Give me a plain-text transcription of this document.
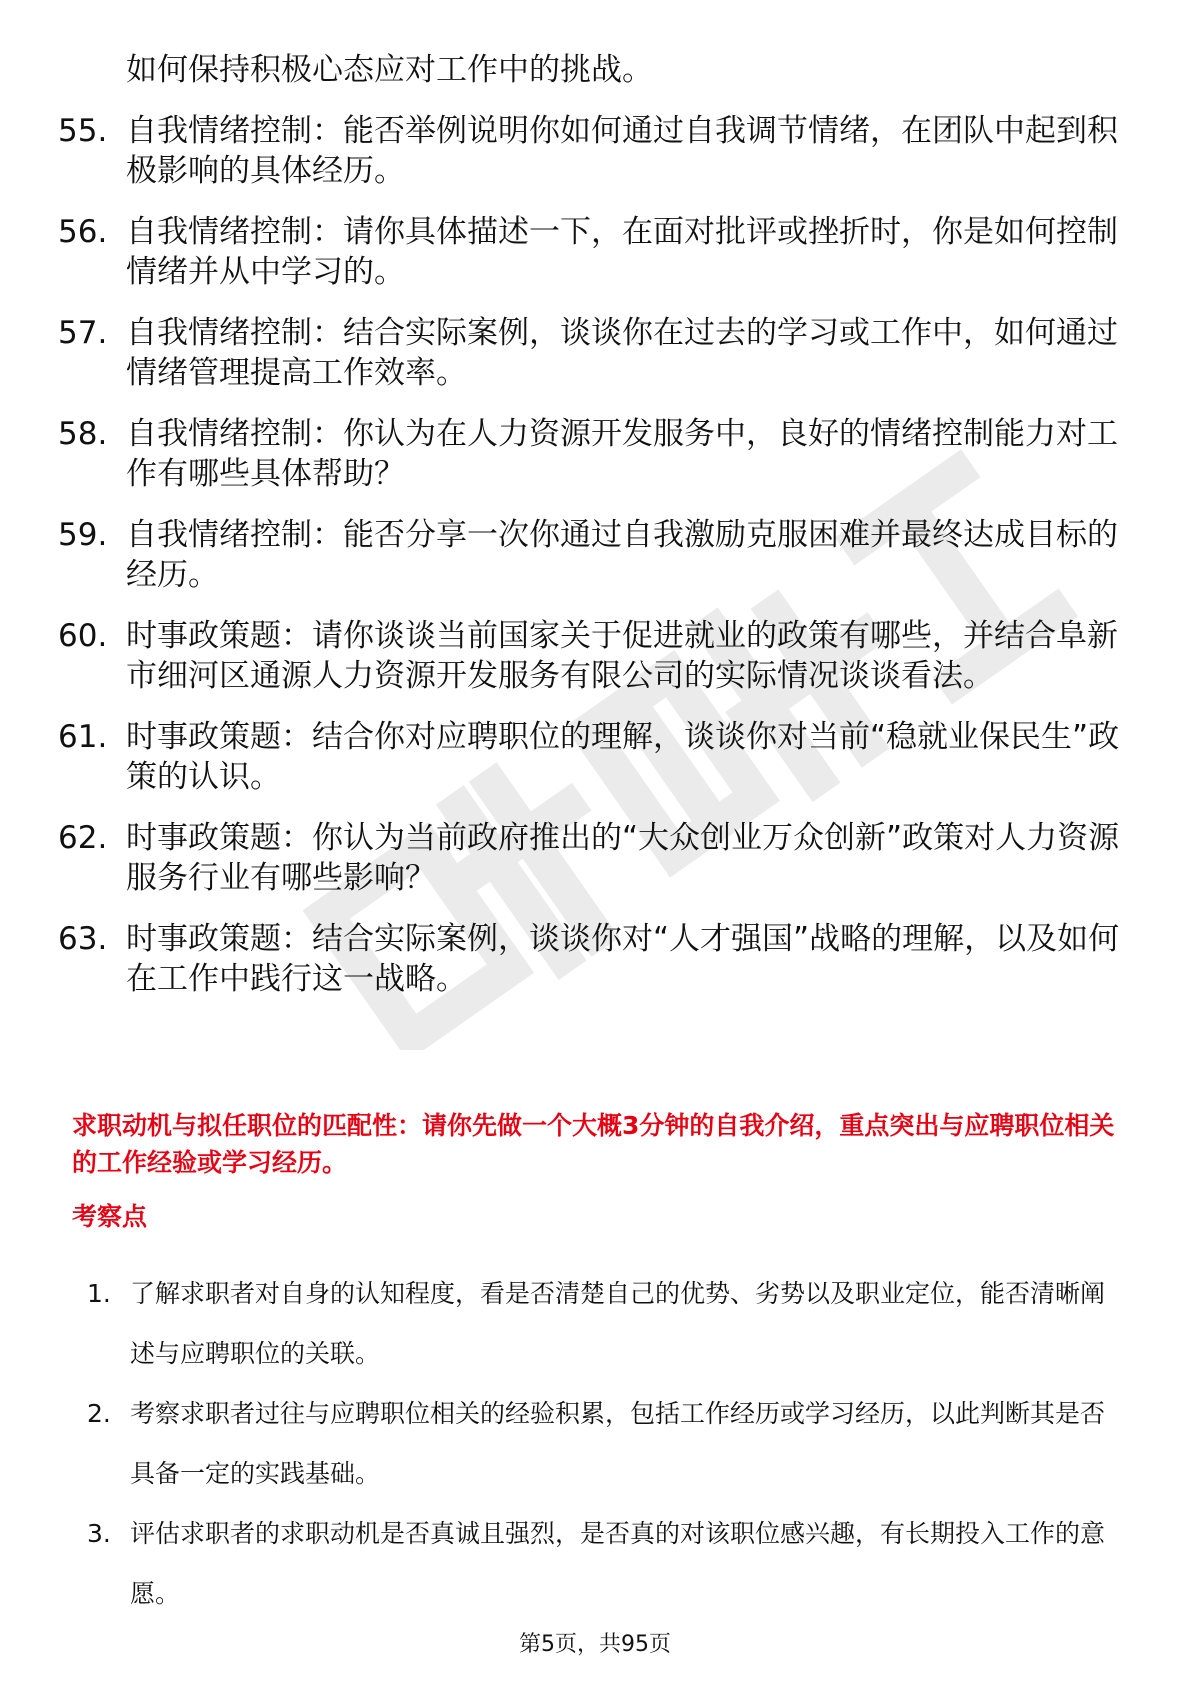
如何保持积极心态应对工作中的挑战。
55. 自我情绪控制：能否举例说明你如何通过自我调节情绪，在团队中起到积极影响的具体经历。
56. 自我情绪控制：请你具体描述一下，在面对批评或挫折时，你是如何控制情绪并从中学习的。
57. 自我情绪控制：结合实际案例，谈谈你在过去的学习或工作中，如何通过情绪管理提高工作效率。
58. 自我情绪控制：你认为在人力资源开发服务中，良好的情绪控制能力对工作有哪些具体帮助？
59. 自我情绪控制：能否分享一次你通过自我激励克服困难并最终达成目标的经历。
60. 时事政策题：请你谈谈当前国家关于促进就业的政策有哪些，并结合阜新市细河区通源人力资源开发服务有限公司的实际情况谈谈看法。
61. 时事政策题：结合你对应聘职位的理解，谈谈你对当前“稳就业保民生”政策的认识。
62. 时事政策题：你认为当前政府推出的“大众创业万众创新”政策对人力资源服务行业有哪些影响？
63. 时事政策题：结合实际案例，谈谈你对“人才强国”战略的理解，以及如何在工作中践行这一战略。

求职动机与拟任职位的匹配性：请你先做一个大概3分钟的自我介绍，重点突出与应聘职位相关的工作经验或学习经历。

考察点

1. 了解求职者对自身的认知程度，看是否清楚自己的优势、劣势以及职业定位，能否清晰阐述与应聘职位的关联。
2. 考察求职者过往与应聘职位相关的经验积累，包括工作经历或学习经历，以此判断其是否具备一定的实践基础。
3. 评估求职者的求职动机是否真诚且强烈，是否真的对该职位感兴趣，有长期投入工作的意愿。
第5页，共95页
